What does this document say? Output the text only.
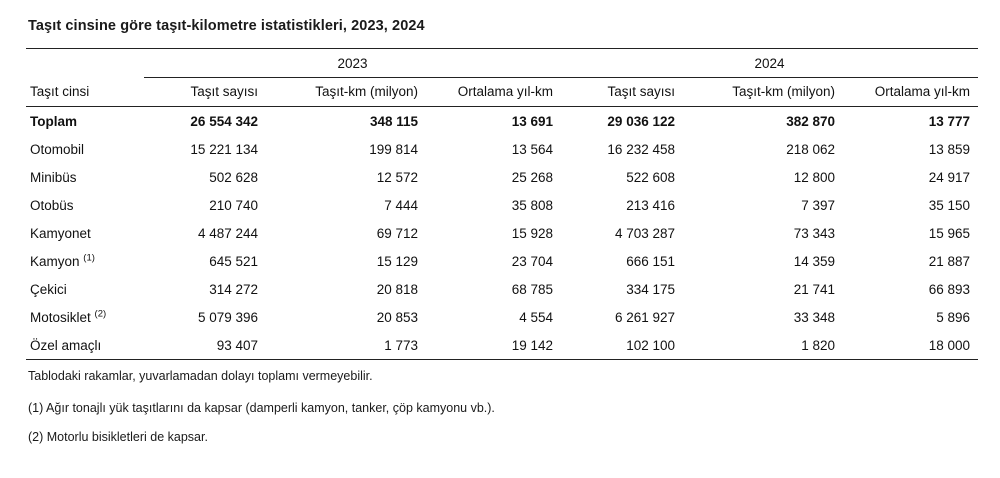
Taşıt cinsine göre taşıt-kilometre istatistikleri, 2023, 2024
	2023			2024		
Taşıt cinsi	Taşıt sayısı	Taşıt-km (milyon)	Ortalama yıl-km	Taşıt sayısı	Taşıt-km (milyon)	Ortalama yıl-km
Toplam	26 554 342	348 115	13 691	29 036 122	382 870	13 777
Otomobil	15 221 134	199 814	13 564	16 232 458	218 062	13 859
Minibüs	502 628	12 572	25 268	522 608	12 800	24 917
Otobüs	210 740	7 444	35 808	213 416	7 397	35 150
Kamyonet	4 487 244	69 712	15 928	4 703 287	73 343	15 965
Kamyon $^{(1)}$	645 521	15 129	23 704	666 151	14 359	21 887
Çekici	314 272	20 818	68 785	334 175	21 741	66 893
Motosiklet $^{(2)}$	5 079 396	20 853	4 554	6 261 927	33 348	5 896
Özel amaçlı	93 407	1 773	19 142	102 100	1 820	18 000

Tablodaki rakamlar, yuvarlamadan dolayı toplamı vermeyebilir.

(1) Ağır tonajlı yük taşıtlarını da kapsar (damperli kamyon, tanker, çöp kamyonu vb.).

(2) Motorlu bisikletleri de kapsar.
